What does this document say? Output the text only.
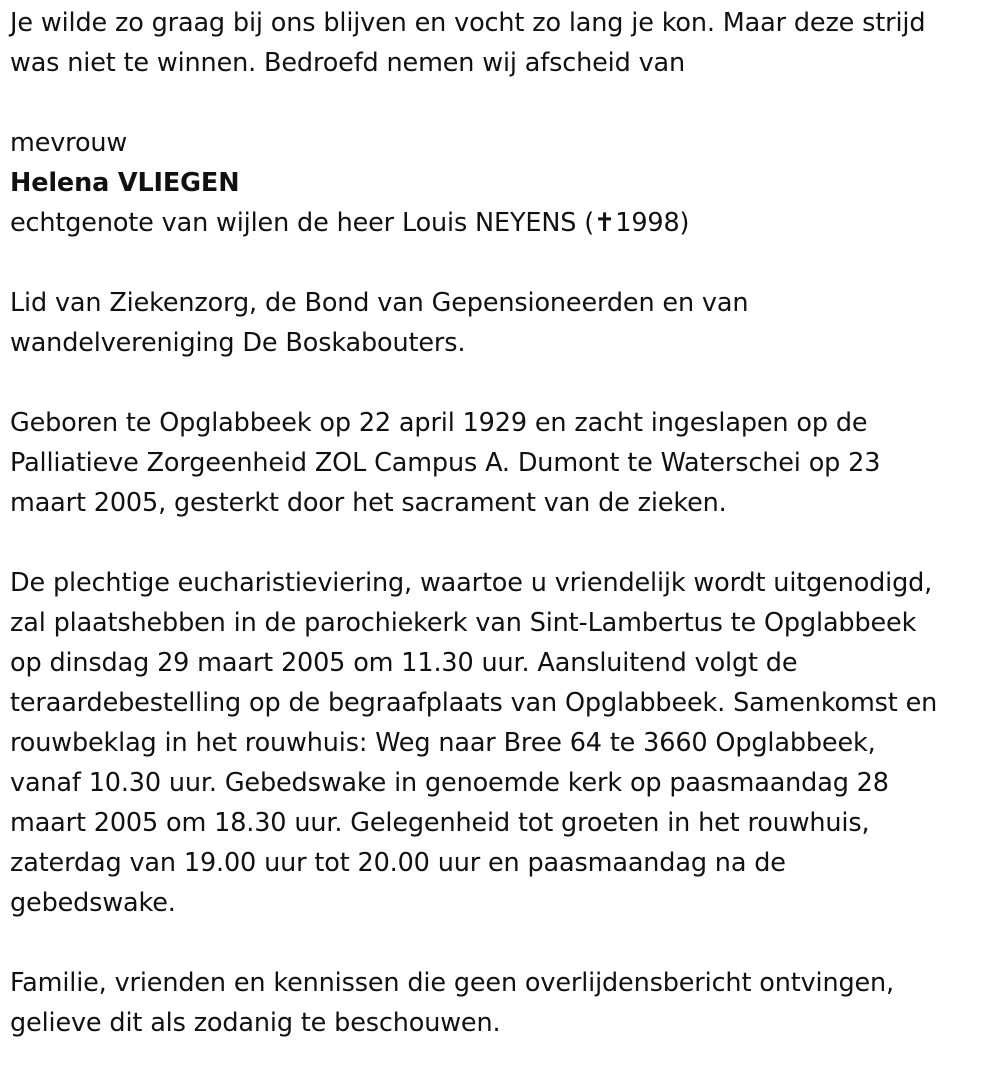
Je wilde zo graag bij ons blijven en vocht zo lang je kon. Maar deze strijd
was niet te winnen. Bedroefd nemen wij afscheid van
mevrouw
Helena VLIEGEN
echtgenote van wijlen de heer Louis NEYENS (✝1998)
Lid van Ziekenzorg, de Bond van Gepensioneerden en van
wandelvereniging De Boskabouters.
Geboren te Opglabbeek op 22 april 1929 en zacht ingeslapen op de
Palliatieve Zorgeenheid ZOL Campus A. Dumont te Waterschei op 23
maart 2005, gesterkt door het sacrament van de zieken.
De plechtige eucharistieviering, waartoe u vriendelijk wordt uitgenodigd,
zal plaatshebben in de parochiekerk van Sint-Lambertus te Opglabbeek
op dinsdag 29 maart 2005 om 11.30 uur. Aansluitend volgt de
teraardebestelling op de begraafplaats van Opglabbeek. Samenkomst en
rouwbeklag in het rouwhuis: Weg naar Bree 64 te 3660 Opglabbeek,
vanaf 10.30 uur. Gebedswake in genoemde kerk op paasmaandag 28
maart 2005 om 18.30 uur. Gelegenheid tot groeten in het rouwhuis,
zaterdag van 19.00 uur tot 20.00 uur en paasmaandag na de
gebedswake.
Familie, vrienden en kennissen die geen overlijdensbericht ontvingen,
gelieve dit als zodanig te beschouwen.
